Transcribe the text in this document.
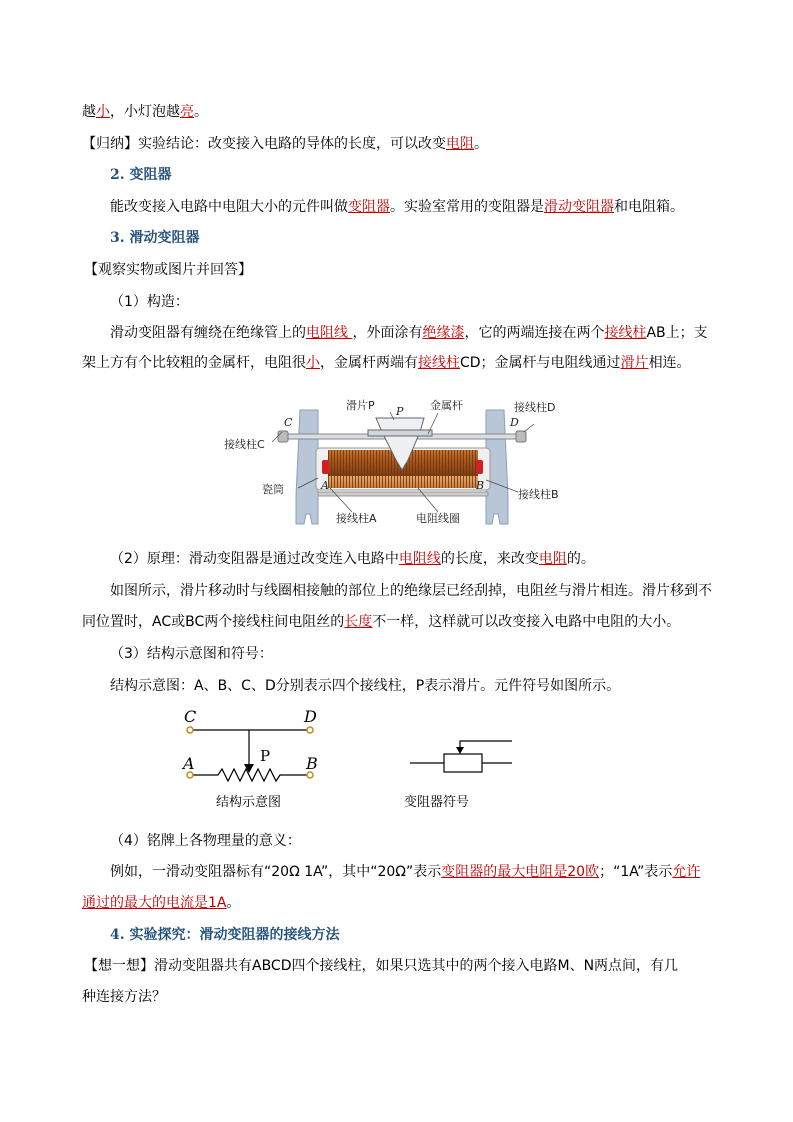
越小，小灯泡越亮。
【归纳】实验结论：改变接入电路的导体的长度，可以改变电阻。
2. 变阻器
能改变接入电路中电阻大小的元件叫做变阻器。实验室常用的变阻器是滑动变阻器和电阻箱。
3. 滑动变阻器
【观察实物或图片并回答】
（1）构造：
滑动变阻器有缠绕在绝缘管上的电阻线 ，外面涂有绝缘漆，它的两端连接在两个接线柱AB上；支
架上方有个比较粗的金属杆，电阻很小，金属杆两端有接线柱CD；金属杆与电阻线通过滑片相连。
C
接线柱C
滑片P P 金属杆	接线柱D
D
瓷筒	A	B
接线柱A	电阻线圈
接线柱B
（2）原理：滑动变阻器是通过改变连入电路中电阻线的长度，来改变电阻的。
如图所示，滑片移动时与线圈相接触的部位上的绝缘层已经刮掉，电阻丝与滑片相连。滑片移到不
同位置时，AC或BC两个接线柱间电阻丝的长度不一样，这样就可以改变接入电路中电阻的大小。
（3）结构示意图和符号：
结构示意图：A、B、C、D分别表示四个接线柱，P表示滑片。元件符号如图所示。
C	D
A	B
P
结构示意图	变阻器符号
（4）铭牌上各物理量的意义：
例如，一滑动变阻器标有“20Ω 1A”，其中“20Ω”表示变阻器的最大电阻是20欧；“1A”表示允许
通过的最大的电流是1A。
4. 实验探究：滑动变阻器的接线方法
【想一想】滑动变阻器共有ABCD四个接线柱，如果只选其中的两个接入电路M、N两点间，有几
种连接方法？
